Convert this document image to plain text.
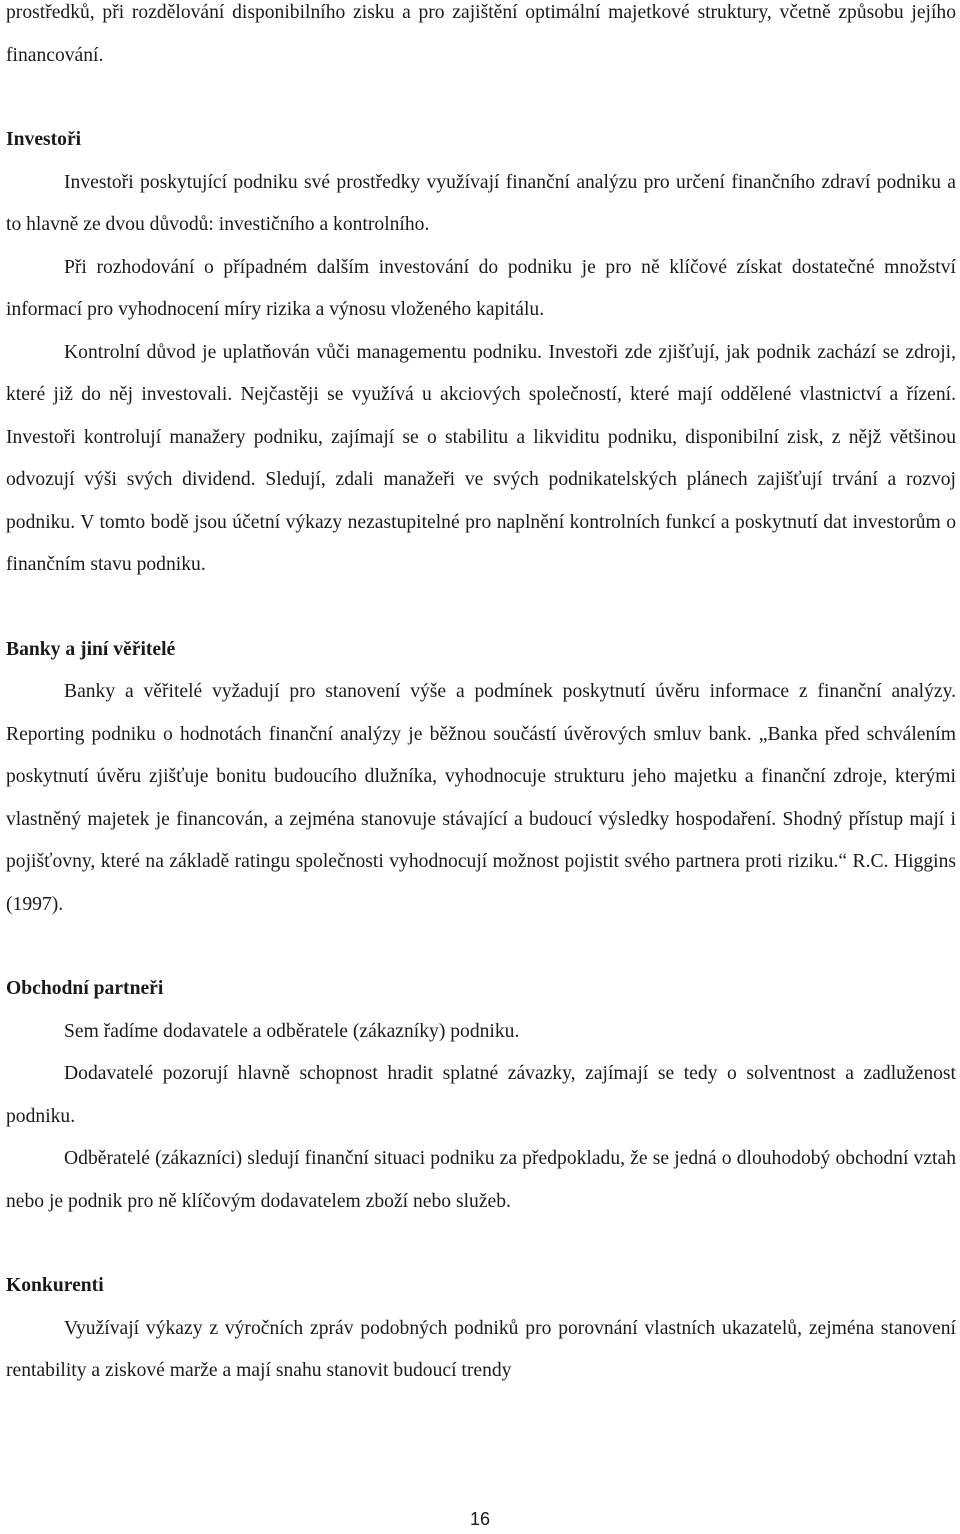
prostředků, při rozdělování disponibilního zisku a pro zajištění optimální majetkové struktury, včetně způsobu jejího financování.

Investoři

Investoři poskytující podniku své prostředky využívají finanční analýzu pro určení finančního zdraví podniku a to hlavně ze dvou důvodů: investičního a kontrolního.

Při rozhodování o případném dalším investování do podniku je pro ně klíčové získat dostatečné množství informací pro vyhodnocení míry rizika a výnosu vloženého kapitálu.

Kontrolní důvod je uplatňován vůči managementu podniku. Investoři zde zjišťují, jak podnik zachází se zdroji, které již do něj investovali. Nejčastěji se využívá u akciových společností, které mají oddělené vlastnictví a řízení. Investoři kontrolují manažery podniku, zajímají se o stabilitu a likviditu podniku, disponibilní zisk, z nějž většinou odvozují výši svých dividend. Sledují, zdali manažeři ve svých podnikatelských plánech zajišťují trvání a rozvoj podniku. V tomto bodě jsou účetní výkazy nezastupitelné pro naplnění kontrolních funkcí a poskytnutí dat investorům o finančním stavu podniku.

Banky a jiní věřitelé

Banky a věřitelé vyžadují pro stanovení výše a podmínek poskytnutí úvěru informace z finanční analýzy. Reporting podniku o hodnotách finanční analýzy je běžnou součástí úvěrových smluv bank. „Banka před schválením poskytnutí úvěru zjišťuje bonitu budoucího dlužníka, vyhodnocuje strukturu jeho majetku a finanční zdroje, kterými vlastněný majetek je financován, a zejména stanovuje stávající a budoucí výsledky hospodaření. Shodný přístup mají i pojišťovny, které na základě ratingu společnosti vyhodnocují možnost pojistit svého partnera proti riziku.“ R.C. Higgins (1997).

Obchodní partneři

Sem řadíme dodavatele a odběratele (zákazníky) podniku.

Dodavatelé pozorují hlavně schopnost hradit splatné závazky, zajímají se tedy o solventnost a zadluženost podniku.

Odběratelé (zákazníci) sledují finanční situaci podniku za předpokladu, že se jedná o dlouhodobý obchodní vztah nebo je podnik pro ně klíčovým dodavatelem zboží nebo služeb.

Konkurenti

Využívají výkazy z výročních zpráv podobných podniků pro porovnání vlastních ukazatelů, zejména stanovení rentability a ziskové marže a mají snahu stanovit budoucí trendy

16
